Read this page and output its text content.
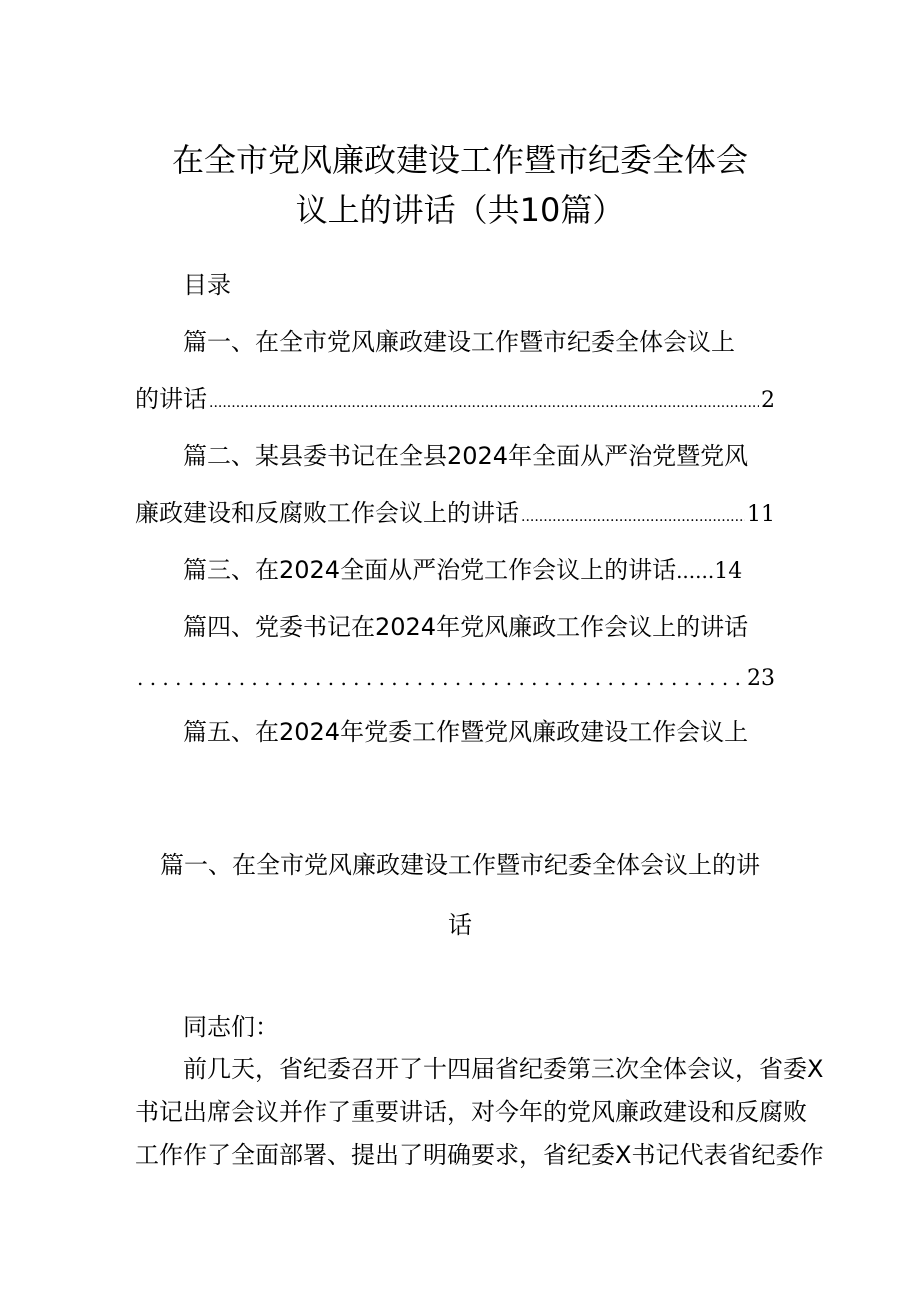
在全市党风廉政建设工作暨市纪委全体会
议上的讲话（共10篇）
目录
篇一、在全市党风廉政建设工作暨市纪委全体会议上
的讲话 .....	2
篇二、某县委书记在全县2024年全面从严治党暨党风
廉政建设和反腐败工作会议上的讲话 .....	11
篇三、在2024全面从严治党工作会议上的讲话......14
篇四、党委书记在2024年党风廉政工作会议上的讲话
. . .
23
篇五、在2024年党委工作暨党风廉政建设工作会议上
篇一、在全市党风廉政建设工作暨市纪委全体会议上的讲
话
同志们：
前几天，省纪委召开了十四届省纪委第三次全体会议，省委X
书记出席会议并作了重要讲话，对今年的党风廉政建设和反腐败
工作作了全面部署、提出了明确要求，省纪委X书记代表省纪委作
